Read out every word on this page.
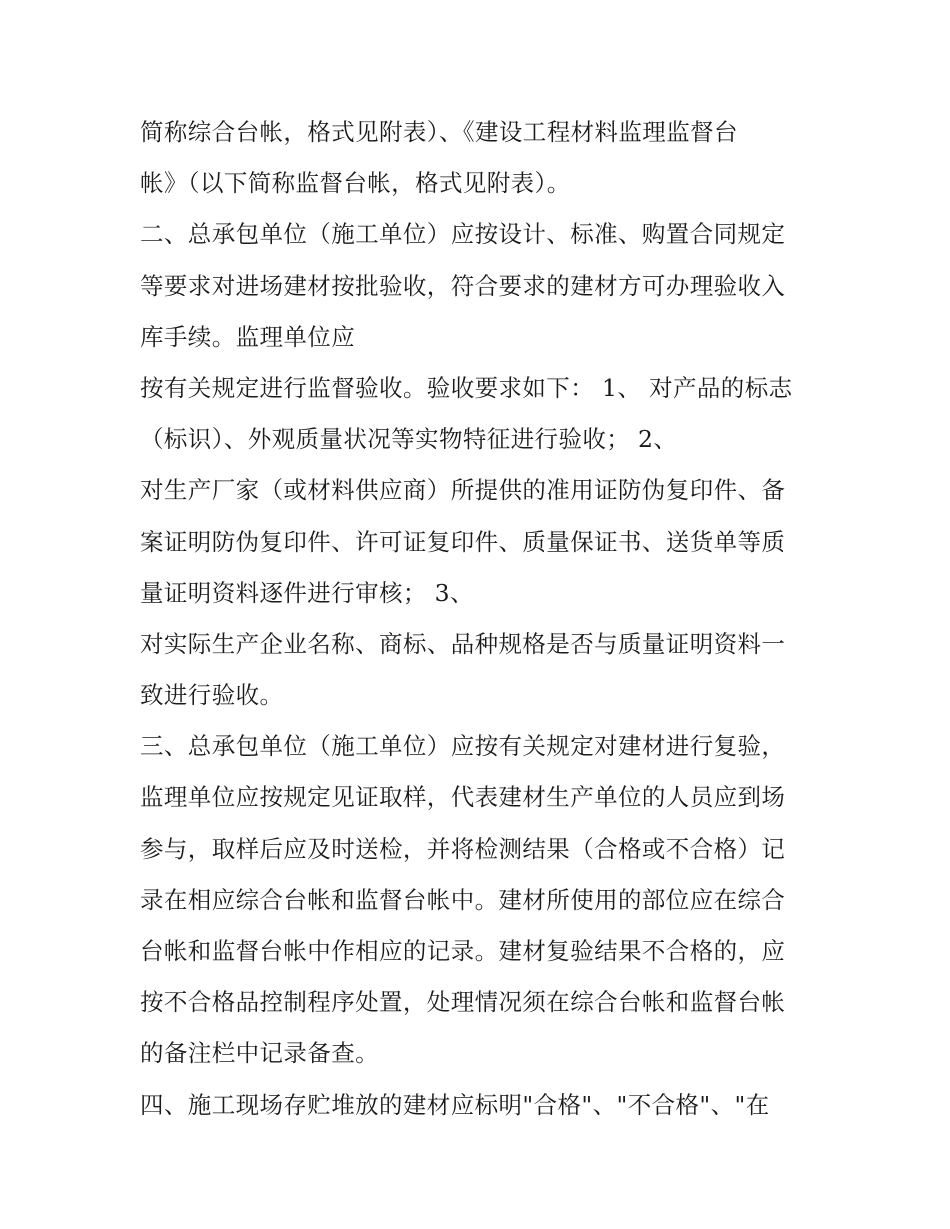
简称综合台帐，格式见附表）、《建设工程材料监理监督台
帐》（以下简称监督台帐，格式见附表）。
二、总承包单位（施工单位）应按设计、标准、购置合同规定
等要求对进场建材按批验收，符合要求的建材方可办理验收入
库手续。监理单位应
按有关规定进行监督验收。验收要求如下： 1、 对产品的标志
（标识）、外观质量状况等实物特征进行验收； 2、
对生产厂家（或材料供应商）所提供的准用证防伪复印件、备
案证明防伪复印件、许可证复印件、质量保证书、送货单等质
量证明资料逐件进行审核； 3、
对实际生产企业名称、商标、品种规格是否与质量证明资料一
致进行验收。
三、总承包单位（施工单位）应按有关规定对建材进行复验，
监理单位应按规定见证取样，代表建材生产单位的人员应到场
参与，取样后应及时送检，并将检测结果（合格或不合格）记
录在相应综合台帐和监督台帐中。建材所使用的部位应在综合
台帐和监督台帐中作相应的记录。建材复验结果不合格的，应
按不合格品控制程序处置，处理情况须在综合台帐和监督台帐
的备注栏中记录备查。
四、施工现场存贮堆放的建材应标明"合格"、"不合格"、"在
